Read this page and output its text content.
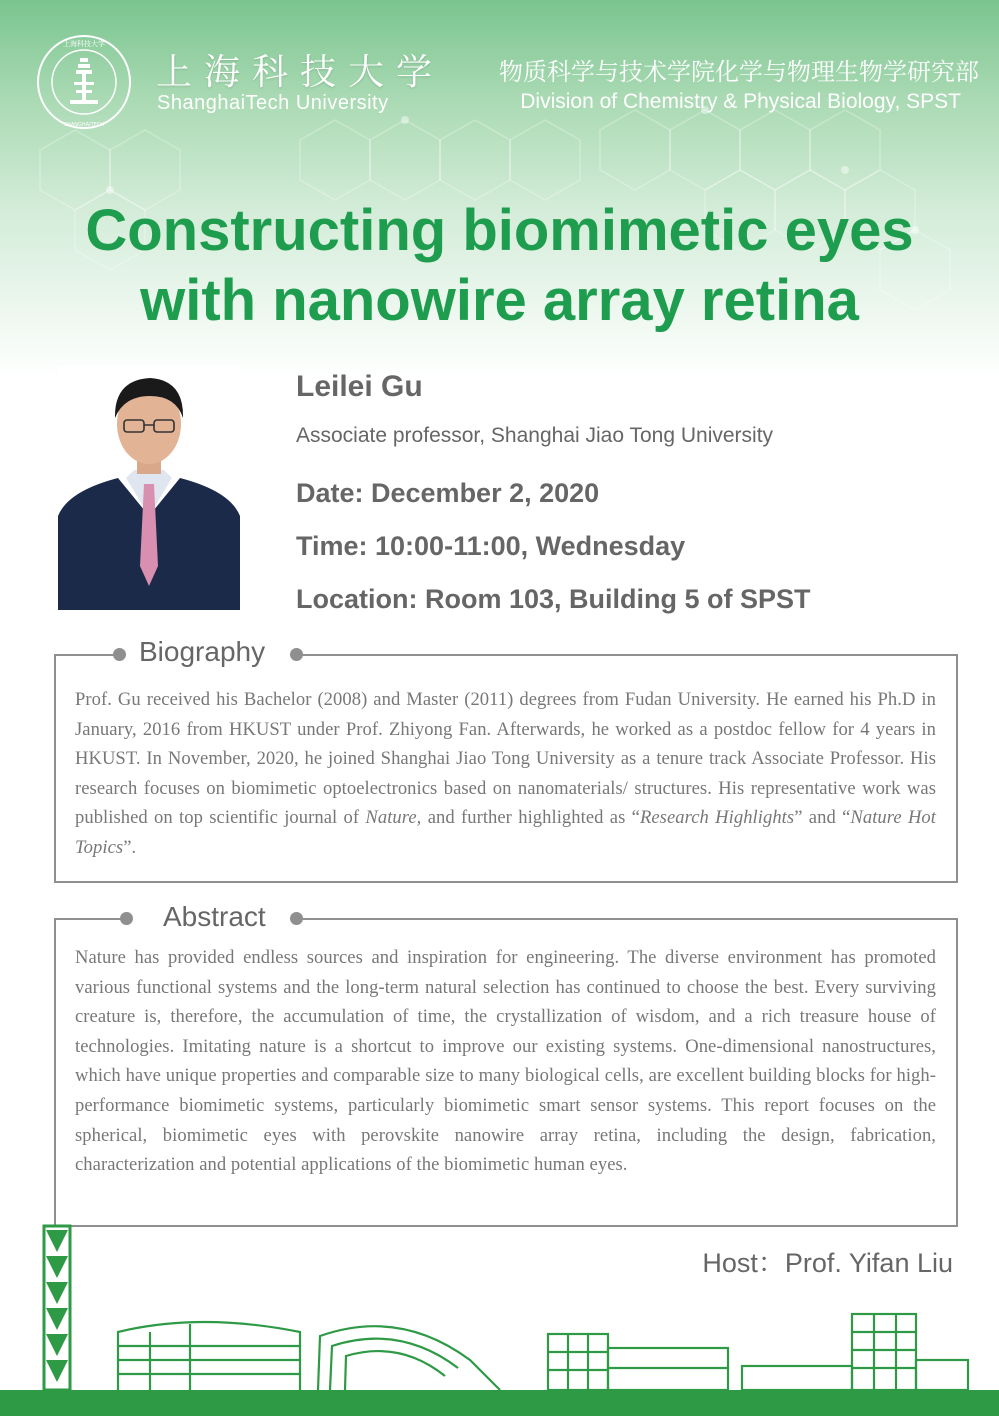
上海科技大学
SHANGHAITECH
上海科技大学
ShanghaiTech University
物质科学与技术学院化学与物理生物学研究部
Division of Chemistry & Physical Biology, SPST
Constructing biomimetic eyes
with nanowire array retina
Leilei Gu
Associate professor, Shanghai Jiao Tong University
Date: December 2, 2020
Time: 10:00-11:00, Wednesday
Location: Room 103, Building 5 of SPST
Biography

Prof. Gu received his Bachelor (2008) and Master (2011) degrees from Fudan University. He earned his Ph.D in January, 2016 from HKUST under Prof. Zhiyong Fan. Afterwards, he worked as a postdoc fellow for 4 years in HKUST. In November, 2020, he joined Shanghai Jiao Tong University as a tenure track Associate Professor. His research focuses on biomimetic optoelectronics based on nanomaterials/ structures. His representative work was published on top scientific journal of Nature, and further highlighted as “Research Highlights” and “Nature Hot Topics”.

Abstract

Nature has provided endless sources and inspiration for engineering. The diverse environment has promoted various functional systems and the long-term natural selection has continued to choose the best. Every surviving creature is, therefore, the accumulation of time, the crystallization of wisdom, and a rich treasure house of technologies. Imitating nature is a shortcut to improve our existing systems. One-dimensional nanostructures, which have unique properties and comparable size to many biological cells, are excellent building blocks for high-performance biomimetic systems, particularly biomimetic smart sensor systems. This report focuses on the spherical, biomimetic eyes with perovskite nanowire array retina, including the design, fabrication, characterization and potential applications of the biomimetic human eyes.

Host：Prof. Yifan Liu
